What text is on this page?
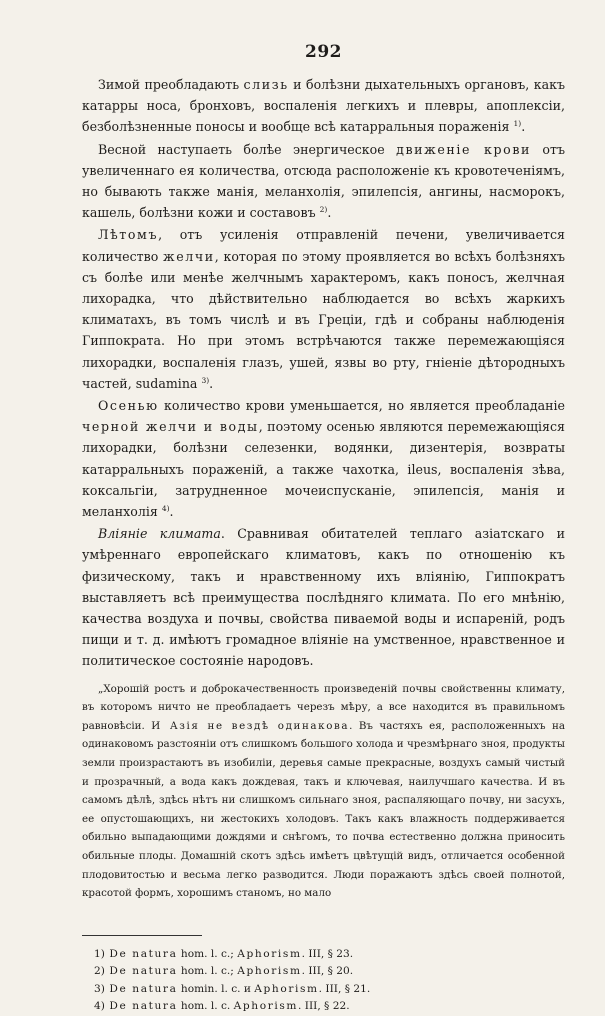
292

Зимой преобладають слизь и болѣзни дыхательныхъ органовъ, какъ катарры носа, бронховъ, воспаленія легкихъ и плевры, апоплексіи, безболѣзненные поносы и вообще всѣ катарральныя пораженія $^{1)}$.

Весной наступаеть болѣе энергическое движеніе крови отъ увеличеннаго ея количества, отсюда расположеніе къ кровотеченіямъ, но бывають также манія, меланхолія, эпилепсія, ангины, насморокъ, кашель, болѣзни кожи и составовъ $^{2)}$.

Лѣтомъ, отъ усиленія отправленій печени, увеличивается количество желчи, которая по этому проявляется во всѣхъ болѣзняхъ съ болѣе или менѣе желчнымъ характеромъ, какъ поносъ, желчная лихорадка, что дѣйствительно наблюдается во всѣхъ жаркихъ климатахъ, въ томъ числѣ и въ Греціи, гдѣ и собраны наблюденія Гиппократа. Но при этомъ встрѣчаются также перемежающіяся лихорадки, воспаленія глазъ, ушей, язвы во рту, гніеніе дѣтородныхъ частей, sudamina $^{3)}$.

Осенью количество крови уменьшается, но является преобладаніе черной желчи и воды, поэтому осенью являются перемежающіяся лихорадки, болѣзни селезенки, водянки, дизентерія, возвраты катарральныхъ пораженій, а также чахотка, ileus, воспаленія зѣва, коксальгіи, затрудненное мочеиспусканіе, эпилепсія, манія и меланхолія $^{4)}$.

Вліяніе климата. Сравнивая обитателей теплаго азіатскаго и умѣреннаго европейскаго климатовъ, какъ по отношенію къ физическому, такъ и нравственному ихъ вліянію, Гиппократъ выставляетъ всѣ преимущества послѣдняго климата. По его мнѣнію, качества воздуха и почвы, свойства пиваемой воды и испареній, родъ пищи и т. д. имѣютъ громадное вліяніе на умственное, нравственное и политическое состояніе народовъ.

„Хорошій ростъ и доброкачественность произведеній почвы свойственны климату, въ которомъ ничто не преобладаетъ черезъ мѣру, а все находится въ правильномъ равновѣсіи. И Азія не вездѣ одинакова. Въ частяхъ ея, расположенныхъ на одинаковомъ разстояніи отъ слишкомъ большого холода и чрезмѣрнаго зноя, продукты земли произрастаютъ въ изобиліи, деревья самые прекрасные, воздухъ самый чистый и прозрачный, а вода какъ дождевая, такъ и ключевая, наилучшаго качества. И въ самомъ дѣлѣ, здѣсь нѣтъ ни слишкомъ сильнаго зноя, распаляющаго почву, ни засухъ, ее опустошающихъ, ни жестокихъ холодовъ. Такъ какъ влажность поддерживается обильно выпадающими дождями и снѣгомъ, то почва естественно должна приносить обильные плоды. Домашній скотъ здѣсь имѣетъ цвѣтущій видъ, отличается особенной плодовитостью и весьма легко разводится. Люди поражаютъ здѣсь своей полнотой, красотой формъ, хорошимъ станомъ, но мало

1) De natura hom. l. c.; Aphorism. III, § 23.
2) De natura hom. l. c.; Aphorism. III, § 20.
3) De natura homin. l. c. и Aphorism. III, § 21.
4) De natura hom. l. c. Aphorism. III, § 22.
